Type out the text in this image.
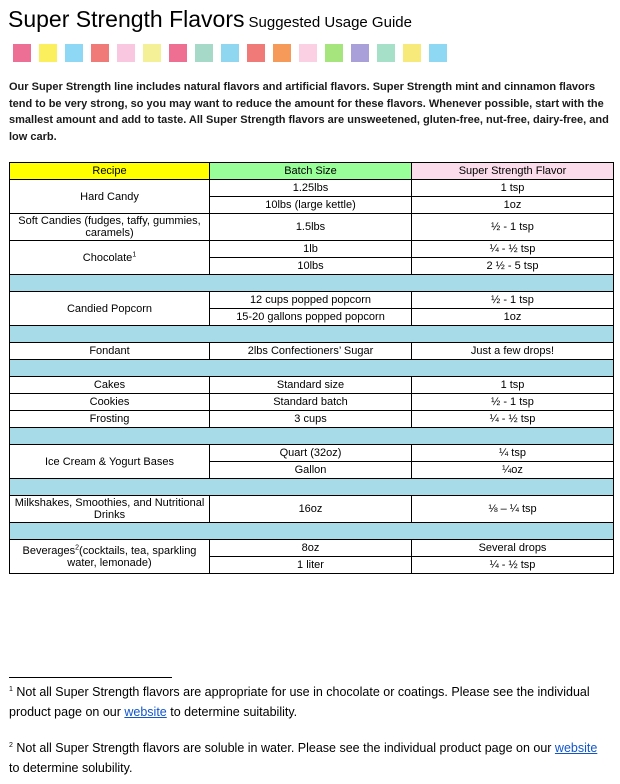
Super Strength Flavors Suggested Usage Guide
Our Super Strength line includes natural flavors and artificial flavors. Super Strength mint and cinnamon flavors tend to be very strong, so you may want to reduce the amount for these flavors. Whenever possible, start with the smallest amount and add to taste. All Super Strength flavors are unsweetened, gluten-free, nut-free, dairy-free, and low carb.
Recipe	Batch Size	Super Strength Flavor
Hard Candy	1.25lbs	1 tsp
	10lbs (large kettle)	1oz
Soft Candies (fudges, taffy, gummies, caramels)	1.5lbs	½ - 1 tsp
Chocolate$^1$	1lb	¼ - ½ tsp
	10lbs	2 ½ - 5 tsp

Candied Popcorn	12 cups popped popcorn	½ - 1 tsp
	15-20 gallons popped popcorn	1oz

Fondant	2lbs Confectioners’ Sugar	Just a few drops!

Cakes	Standard size	1 tsp
Cookies	Standard batch	½ - 1 tsp
Frosting	3 cups	¼ - ½ tsp

Ice Cream & Yogurt Bases	Quart (32oz)	¼ tsp
	Gallon	¼oz

Milkshakes, Smoothies, and Nutritional Drinks	16oz	⅛ – ¼ tsp

Beverages$^2$(cocktails, tea, sparkling water, lemonade)	8oz	Several drops
	1 liter	¼ - ½ tsp
$^1$ Not all Super Strength flavors are appropriate for use in chocolate or coatings. Please see the individual product page on our website to determine suitability.
$^2$ Not all Super Strength flavors are soluble in water. Please see the individual product page on our website to determine solubility.
